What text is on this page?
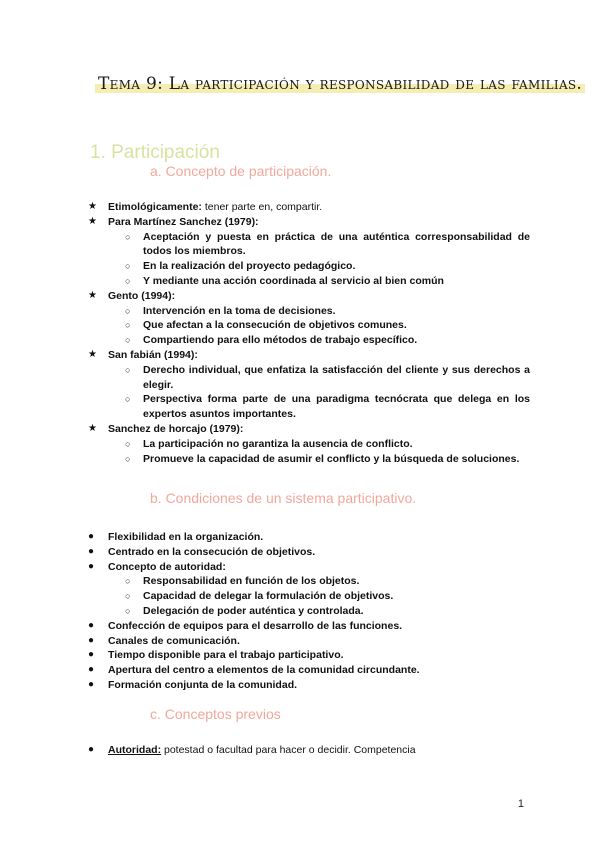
Tema 9: La participación y responsabilidad de las familias.
1. Participación
a. Concepto de participación.
★ Etimológicamente: tener parte en, compartir.
★ Para Martínez Sanchez (1979):
○ Aceptación y puesta en práctica de una auténtica corresponsabilidad de todos los miembros.
○ En la realización del proyecto pedagógico.
○ Y mediante una acción coordinada al servicio al bien común
★ Gento (1994):
○ Intervención en la toma de decisiones.
○ Que afectan a la consecución de objetivos comunes.
○ Compartiendo para ello métodos de trabajo específico.
★ San fabián (1994):
○ Derecho individual, que enfatiza la satisfacción del cliente y sus derechos a elegir.
○ Perspectiva forma parte de una paradigma tecnócrata que delega en los expertos asuntos importantes.
★ Sanchez de horcajo (1979):
○ La participación no garantiza la ausencia de conflicto.
○ Promueve la capacidad de asumir el conflicto y la búsqueda de soluciones.
b. Condiciones de un sistema participativo.
● Flexibilidad en la organización.
● Centrado en la consecución de objetivos.
● Concepto de autoridad:
○ Responsabilidad en función de los objetos.
○ Capacidad de delegar la formulación de objetivos.
○ Delegación de poder auténtica y controlada.
● Confección de equipos para el desarrollo de las funciones.
● Canales de comunicación.
● Tiempo disponible para el trabajo participativo.
● Apertura del centro a elementos de la comunidad circundante.
● Formación conjunta de la comunidad.
c. Conceptos previos
● Autoridad: potestad o facultad para hacer o decidir. Competencia
1
